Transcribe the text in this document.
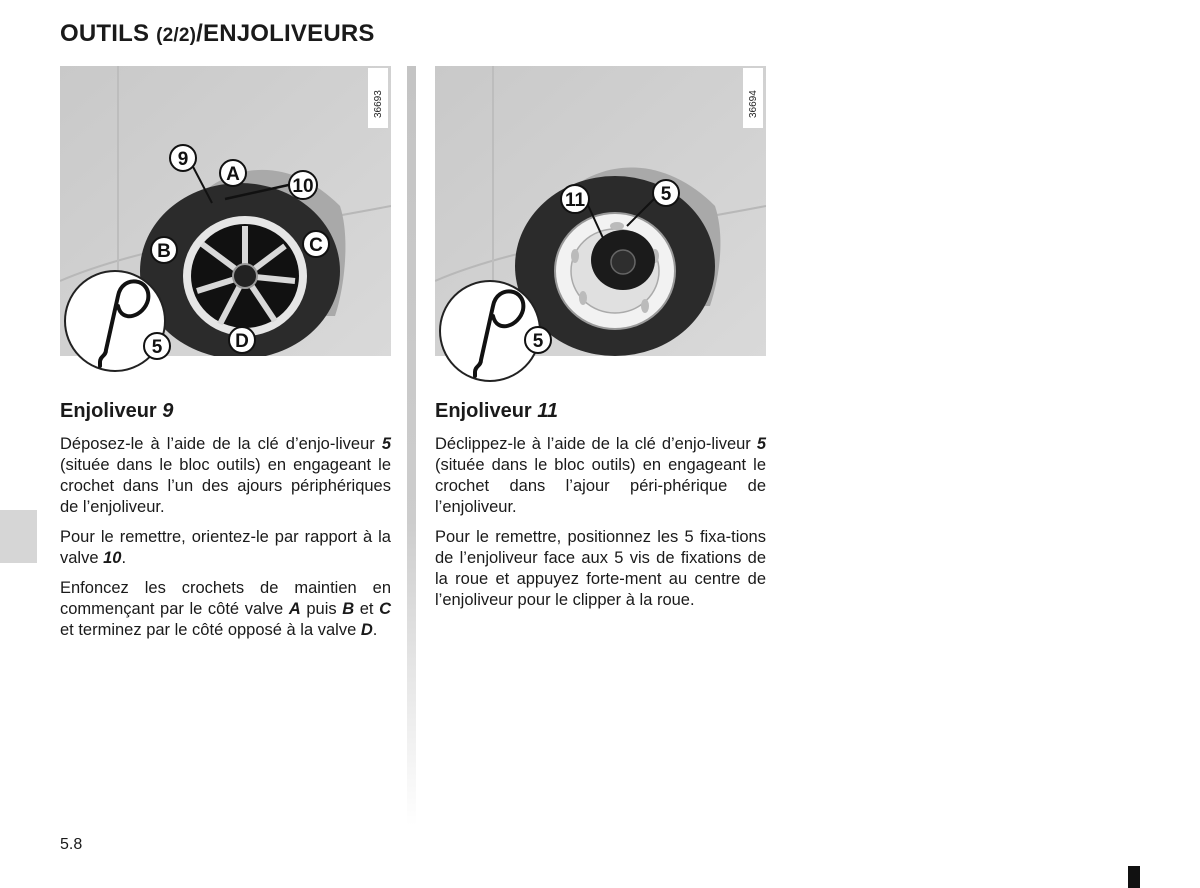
OUTILS (2/2)/ENJOLIVEURS
36693
9
A
10
B	C
D
5
36694
11	5
5
Enjoliveur 9

Déposez-le à l’aide de la clé d’enjo-liveur 5 (située dans le bloc outils) en engageant le crochet dans l’un des ajours périphériques de l’enjoliveur.

Pour le remettre, orientez-le par rapport à la valve 10.

Enfoncez les crochets de maintien en commençant par le côté valve A puis B et C et terminez par le côté opposé à la valve D.

Enjoliveur 11

Déclippez-le à l’aide de la clé d’enjo-liveur 5 (située dans le bloc outils) en engageant le crochet dans l’ajour péri-phérique de l’enjoliveur.

Pour le remettre, positionnez les 5 fixa-tions de l’enjoliveur face aux 5 vis de fixations de la roue et appuyez forte-ment au centre de l’enjoliveur pour le clipper à la roue.

5.8
